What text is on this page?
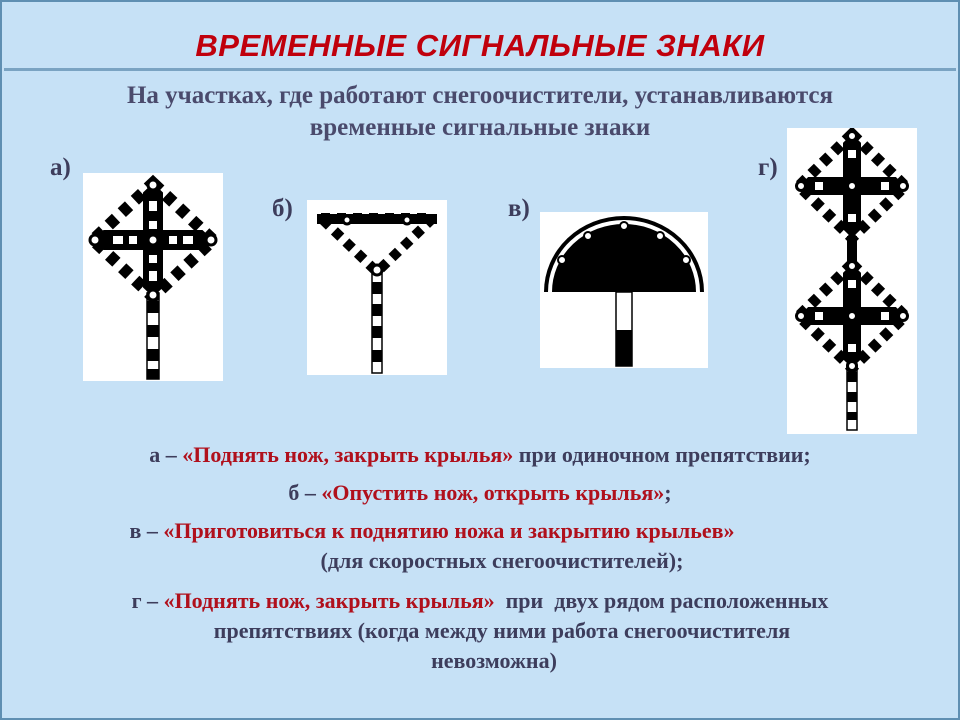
ВРЕМЕННЫЕ СИГНАЛЬНЫЕ ЗНАКИ
На участках, где работают снегоочистители, устанавливаются
временные сигнальные знаки
а)
б)	в)
г)
а – «Поднять нож, закрыть крылья» при одиночном препятствии;
б – «Опустить нож, открыть крылья»;
в – «Приготовиться к поднятию ножа и закрытию крыльев»
(для скоростных снегоочистителей);
г – «Поднять нож, закрыть крылья»  при  двух рядом расположенных
препятствиях (когда между ними работа снегоочистителя
невозможна)
